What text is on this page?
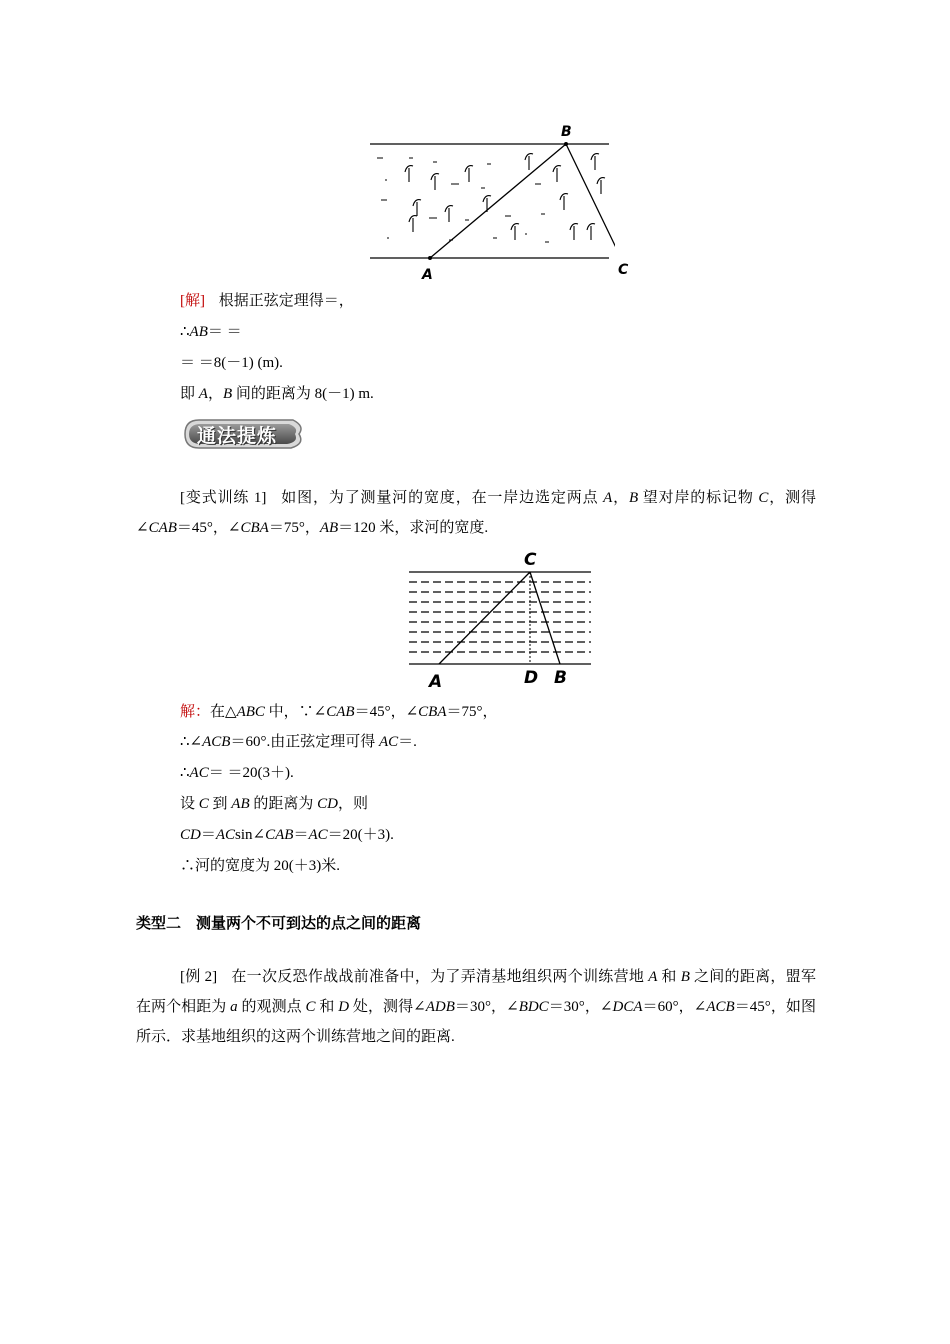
B
A	C
[解] 根据正弦定理得＝，
∴AB＝ ＝
＝ ＝8(－1) (m).
即 A，B 间的距离为 8(－1) m.
通法提炼
[变式训练 1] 如图，为了测量河的宽度，在一岸边选定两点 A，B 望对岸的标记物 C，测得∠CAB＝45°，∠CBA＝75°，AB＝120 米，求河的宽度.
C
A	D B
解：在△ABC 中，∵∠CAB＝45°，∠CBA＝75°，
∴∠ACB＝60°.由正弦定理可得 AC＝.
∴AC＝ ＝20(3＋).
设 C 到 AB 的距离为 CD，则
CD＝ACsin∠CAB＝AC＝20(＋3).
∴河的宽度为 20(＋3)米.
类型二　测量两个不可到达的点之间的距离
[例 2] 在一次反恐作战战前准备中，为了弄清基地组织两个训练营地 A 和 B 之间的距离，盟军在两个相距为 a 的观测点 C 和 D 处，测得∠ADB＝30°，∠BDC＝30°，∠DCA＝60°，∠ACB＝45°，如图所示．求基地组织的这两个训练营地之间的距离.
